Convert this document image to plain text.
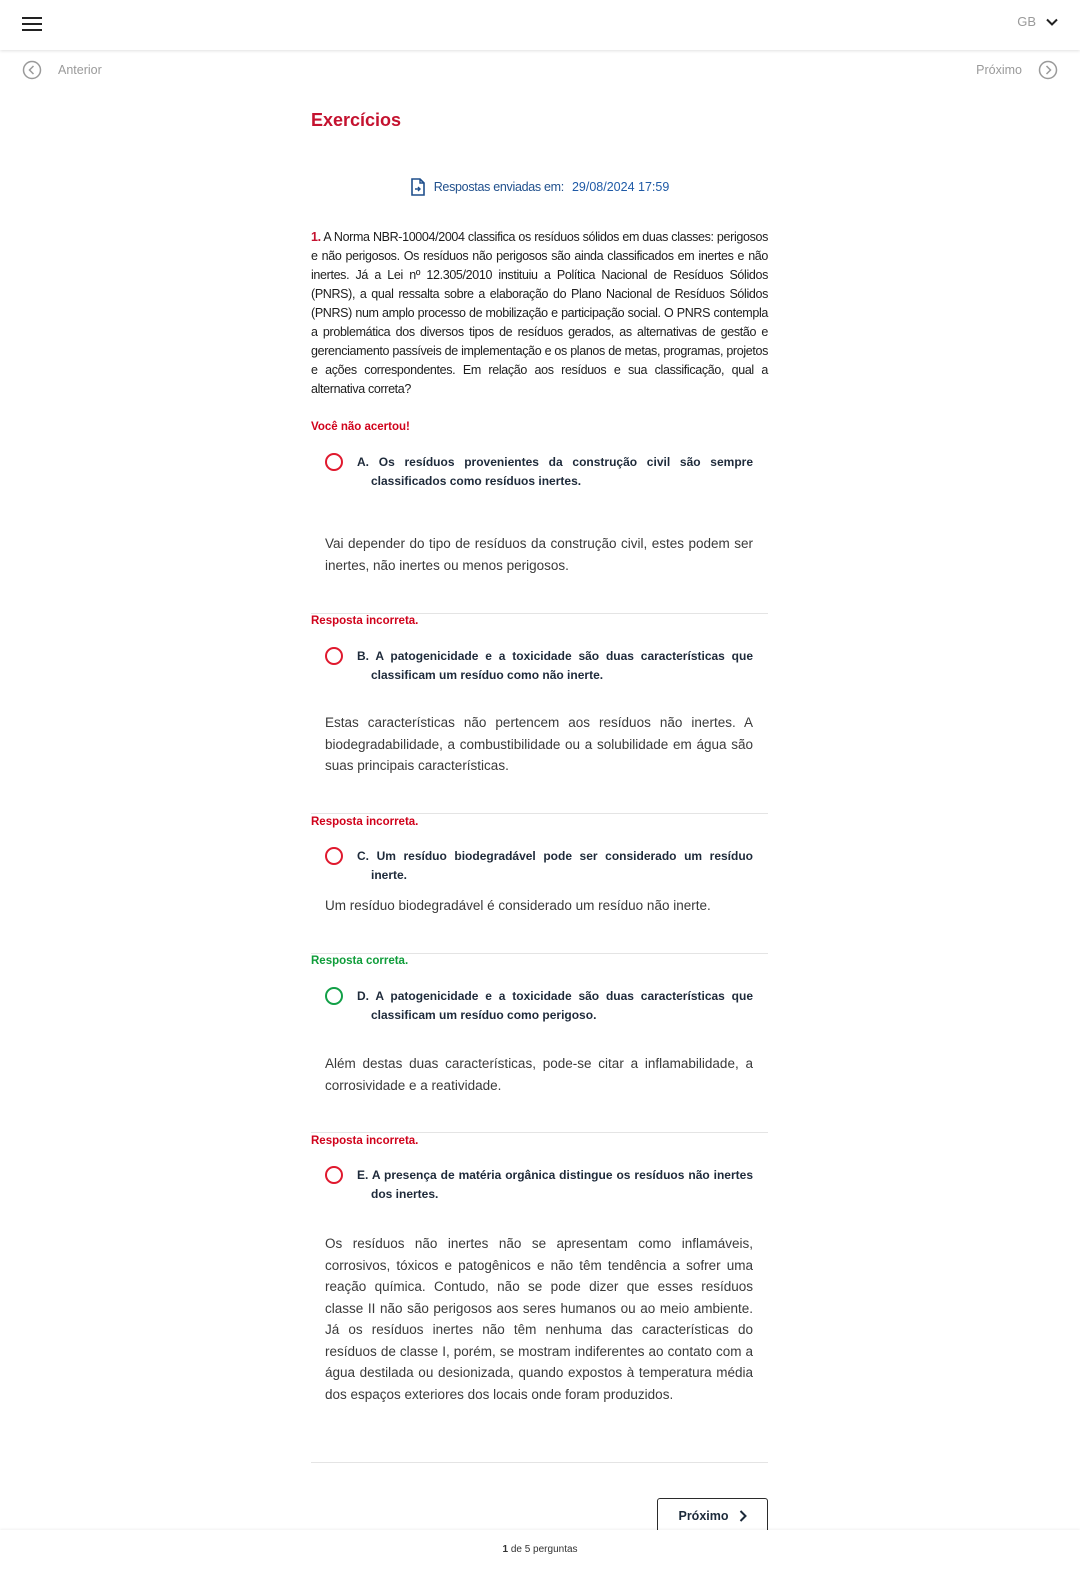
GB
Anterior	Próximo
Exercícios
Respostas enviadas em: 29/08/2024 17:59
1. A Norma NBR-10004/2004 classifica os resíduos sólidos em duas classes: perigosos e não perigosos. Os resíduos não perigosos são ainda classificados em inertes e não inertes. Já a Lei nº 12.305/2010 instituiu a Política Nacional de Resíduos Sólidos (PNRS), a qual ressalta sobre a elaboração do Plano Nacional de Resíduos Sólidos (PNRS) num amplo processo de mobilização e participação social. O PNRS contempla a problemática dos diversos tipos de resíduos gerados, as alternativas de gestão e gerenciamento passíveis de implementação e os planos de metas, programas, projetos e ações correspondentes. Em relação aos resíduos e sua classificação, qual a alternativa correta?
Você não acertou!
A. Os resíduos provenientes da construção civil são sempre classificados como resíduos inertes.
Vai depender do tipo de resíduos da construção civil, estes podem ser inertes, não inertes ou menos perigosos.
Resposta incorreta.
B. A patogenicidade e a toxicidade são duas características que classificam um resíduo como não inerte.
Estas características não pertencem aos resíduos não inertes. A biodegradabilidade, a combustibilidade ou a solubilidade em água são suas principais características.
Resposta incorreta.
C. Um resíduo biodegradável pode ser considerado um resíduo inerte.
Um resíduo biodegradável é considerado um resíduo não inerte.
Resposta correta.
D. A patogenicidade e a toxicidade são duas características que classificam um resíduo como perigoso.
Além destas duas características, pode-se citar a inflamabilidade, a corrosividade e a reatividade.
Resposta incorreta.
E. A presença de matéria orgânica distingue os resíduos não inertes dos inertes.
Os resíduos não inertes não se apresentam como inflamáveis, corrosivos, tóxicos e patogênicos e não têm tendência a sofrer uma reação química. Contudo, não se pode dizer que esses resíduos classe II não são perigosos aos seres humanos ou ao meio ambiente. Já os resíduos inertes não têm nenhuma das características do resíduos de classe I, porém, se mostram indiferentes ao contato com a água destilada ou desionizada, quando expostos à temperatura média dos espaços exteriores dos locais onde foram produzidos.
Próximo
1 de 5 perguntas
